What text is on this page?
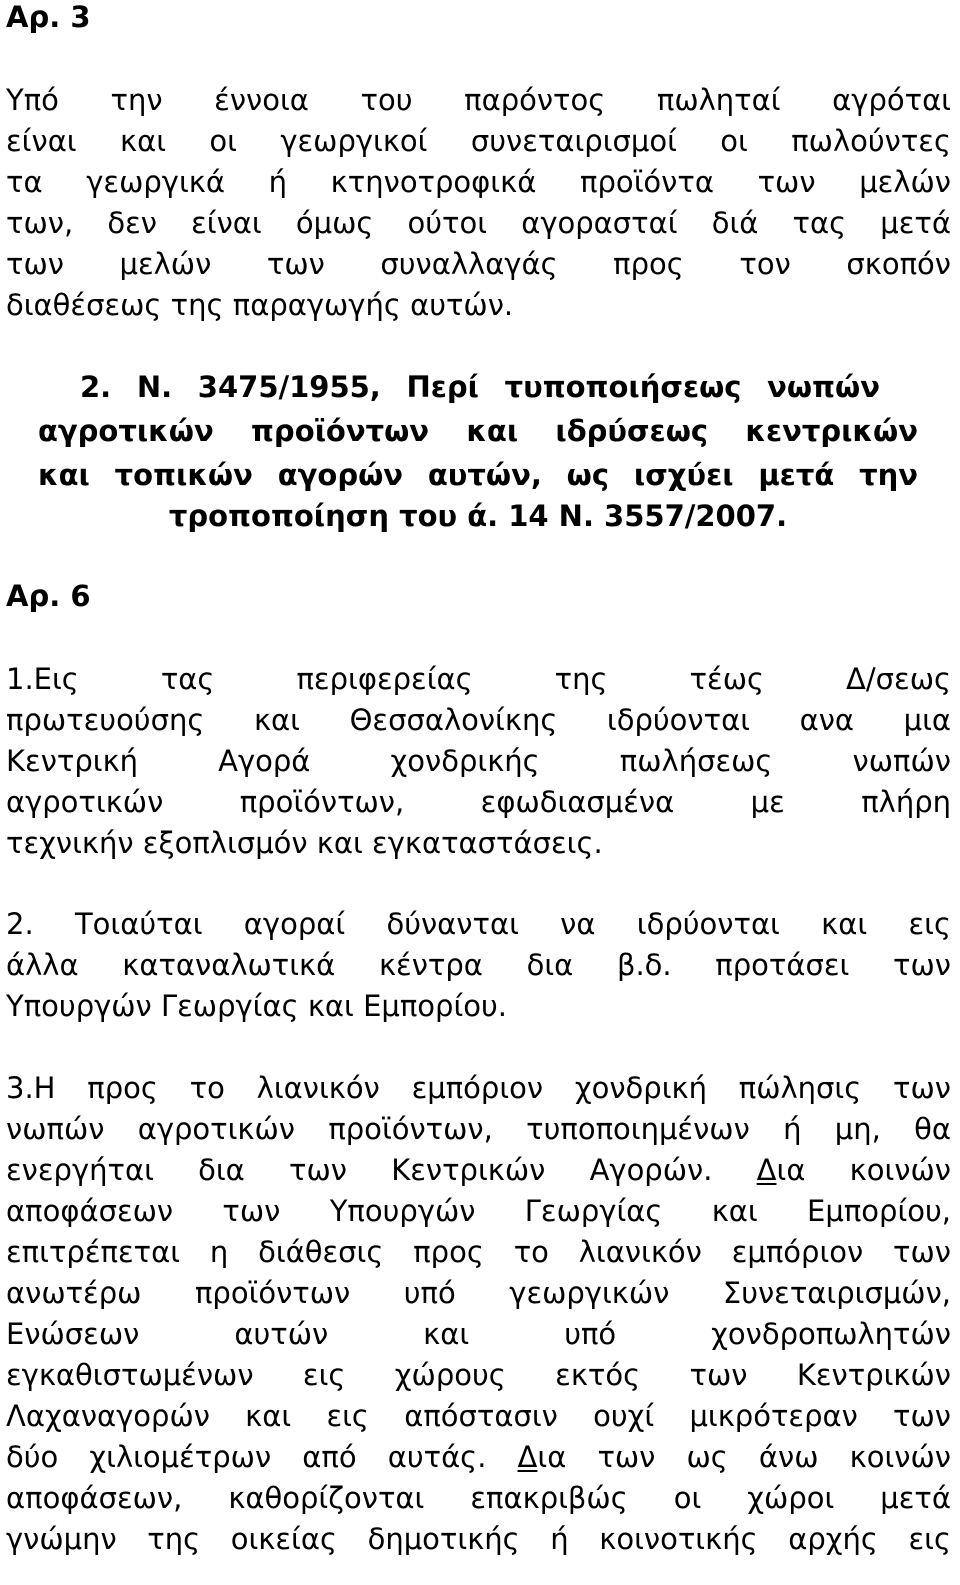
Αρ. 3
Υπό την έννοια του παρόντος πωληταί αγρόται
είναι και οι γεωργικοί συνεταιρισμοί οι πωλούντες
τα γεωργικά ή κτηνοτροφικά προϊόντα των μελών
των, δεν είναι όμως ούτοι αγορασταί διά τας μετά
των μελών των συναλλαγάς προς τον σκοπόν
διαθέσεως της παραγωγής αυτών.
2. Ν. 3475/1955, Περί τυποποιήσεως νωπών
αγροτικών προϊόντων και ιδρύσεως κεντρικών
και τοπικών αγορών αυτών, ως ισχύει μετά την
τροποποίηση του ά. 14 Ν. 3557/2007.
Αρ. 6
1.Εις τας περιφερείας της τέως Δ/σεως
πρωτευούσης και Θεσσαλονίκης ιδρύονται ανα μια
Κεντρική Αγορά χονδρικής πωλήσεως νωπών
αγροτικών προϊόντων, εφωδιασμένα με πλήρη
τεχνικήν εξοπλισμόν και εγκαταστάσεις.
2. Τοιαύται αγοραί δύνανται να ιδρύονται και εις
άλλα καταναλωτικά κέντρα δια β.δ. προτάσει των
Υπουργών Γεωργίας και Εμπορίου.
3.Η προς το λιανικόν εμπόριον χονδρική πώλησις των
νωπών αγροτικών προϊόντων, τυποποιημένων ή μη, θα
ενεργήται δια των Κεντρικών Αγορών. Δια κοινών
αποφάσεων των Υπουργών Γεωργίας και Εμπορίου,
επιτρέπεται η διάθεσις προς το λιανικόν εμπόριον των
ανωτέρω προϊόντων υπό γεωργικών Συνεταιρισμών,
Ενώσεων αυτών και υπό χονδροπωλητών
εγκαθιστωμένων εις χώρους εκτός των Κεντρικών
Λαχαναγορών και εις απόστασιν ουχί μικρότεραν των
δύο χιλιομέτρων από αυτάς. Δια των ως άνω κοινών
αποφάσεων, καθορίζονται επακριβώς οι χώροι μετά
γνώμην της οικείας δημοτικής ή κοινοτικής αρχής εις
